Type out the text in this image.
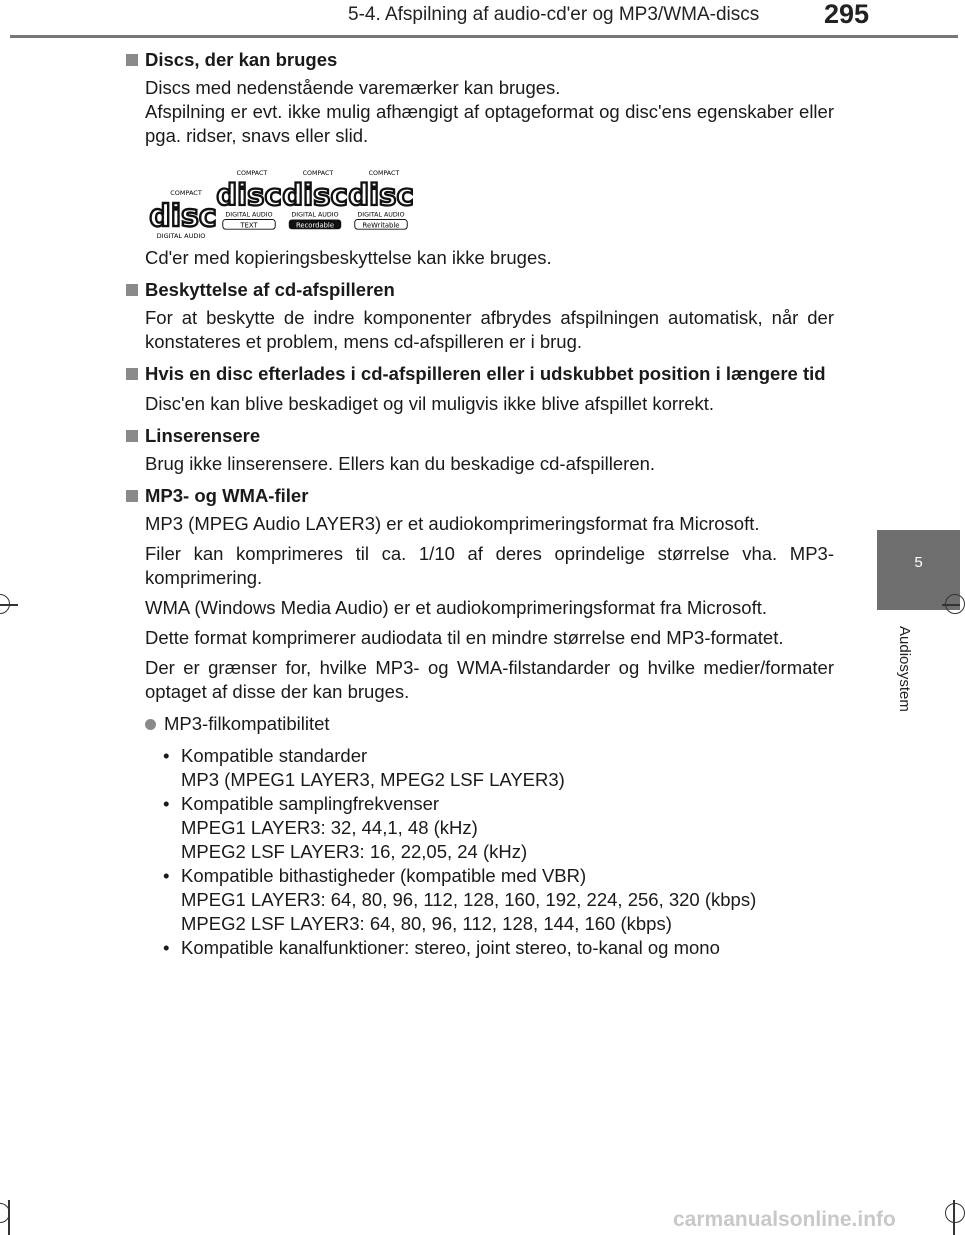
5-4. Afspilning af audio-cd'er og MP3/WMA-discs 295
5
Audiosystem

Discs, der kan bruges

Discs med nedenstående varemærker kan bruges.

Afspilning er evt. ikke mulig afhængigt af optageformat og disc'ens egenskaber eller pga. ridser, snavs eller slid.

COMPACT
disc
DIGITAL AUDIO
COMPACT
disc
DIGITAL AUDIO
TEXT
COMPACT
disc
DIGITAL AUDIO
Recordable
COMPACT
disc
DIGITAL AUDIO
ReWritable

Cd'er med kopieringsbeskyttelse kan ikke bruges.

Beskyttelse af cd-afspilleren

For at beskytte de indre komponenter afbrydes afspilningen automatisk, når der konstateres et problem, mens cd-afspilleren er i brug.

Hvis en disc efterlades i cd-afspilleren eller i udskubbet position i længere tid

Disc'en kan blive beskadiget og vil muligvis ikke blive afspillet korrekt.

Linserensere

Brug ikke linserensere. Ellers kan du beskadige cd-afspilleren.

MP3- og WMA-filer

MP3 (MPEG Audio LAYER3) er et audiokomprimeringsformat fra Microsoft.

Filer kan komprimeres til ca. 1/10 af deres oprindelige størrelse vha. MP3-komprimering.

WMA (Windows Media Audio) er et audiokomprimeringsformat fra Microsoft.

Dette format komprimerer audiodata til en mindre størrelse end MP3-formatet.

Der er grænser for, hvilke MP3- og WMA-filstandarder og hvilke medier/formater optaget af disse der kan bruges.

MP3-filkompatibilitet
• Kompatible standarder
MP3 (MPEG1 LAYER3, MPEG2 LSF LAYER3)
• Kompatible samplingfrekvenser
MPEG1 LAYER3: 32, 44,1, 48 (kHz)
MPEG2 LSF LAYER3: 16, 22,05, 24 (kHz)
• Kompatible bithastigheder (kompatible med VBR)
MPEG1 LAYER3: 64, 80, 96, 112, 128, 160, 192, 224, 256, 320 (kbps)
MPEG2 LSF LAYER3: 64, 80, 96, 112, 128, 144, 160 (kbps)
• Kompatible kanalfunktioner: stereo, joint stereo, to-kanal og mono
carmanualsonline.info
